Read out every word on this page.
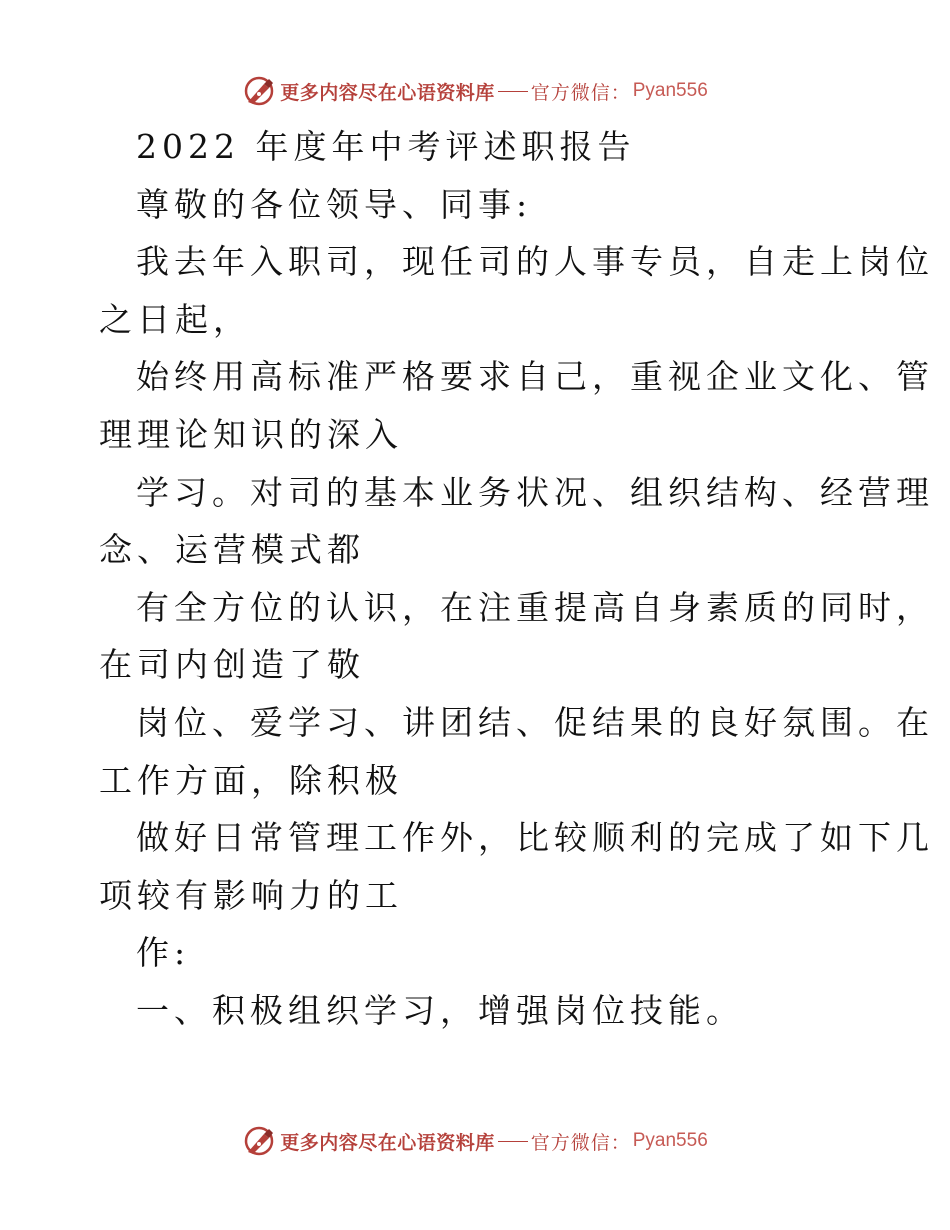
更多内容尽在心语资料库 官方微信： Pyan556
2022 年度年中考评述职报告
尊敬的各位领导、同事:
我去年入职司，现任司的人事专员，自走上岗位
之日起，
始终用高标准严格要求自己，重视企业文化、管
理理论知识的深入
学习。对司的基本业务状况、组织结构、经营理
念、运营模式都
有全方位的认识，在注重提高自身素质的同时，
在司内创造了敬
岗位、爱学习、讲团结、促结果的良好氛围。在
工作方面，除积极
做好日常管理工作外，比较顺利的完成了如下几
项较有影响力的工
作:
一、积极组织学习，增强岗位技能。
更多内容尽在心语资料库 官方微信： Pyan556
